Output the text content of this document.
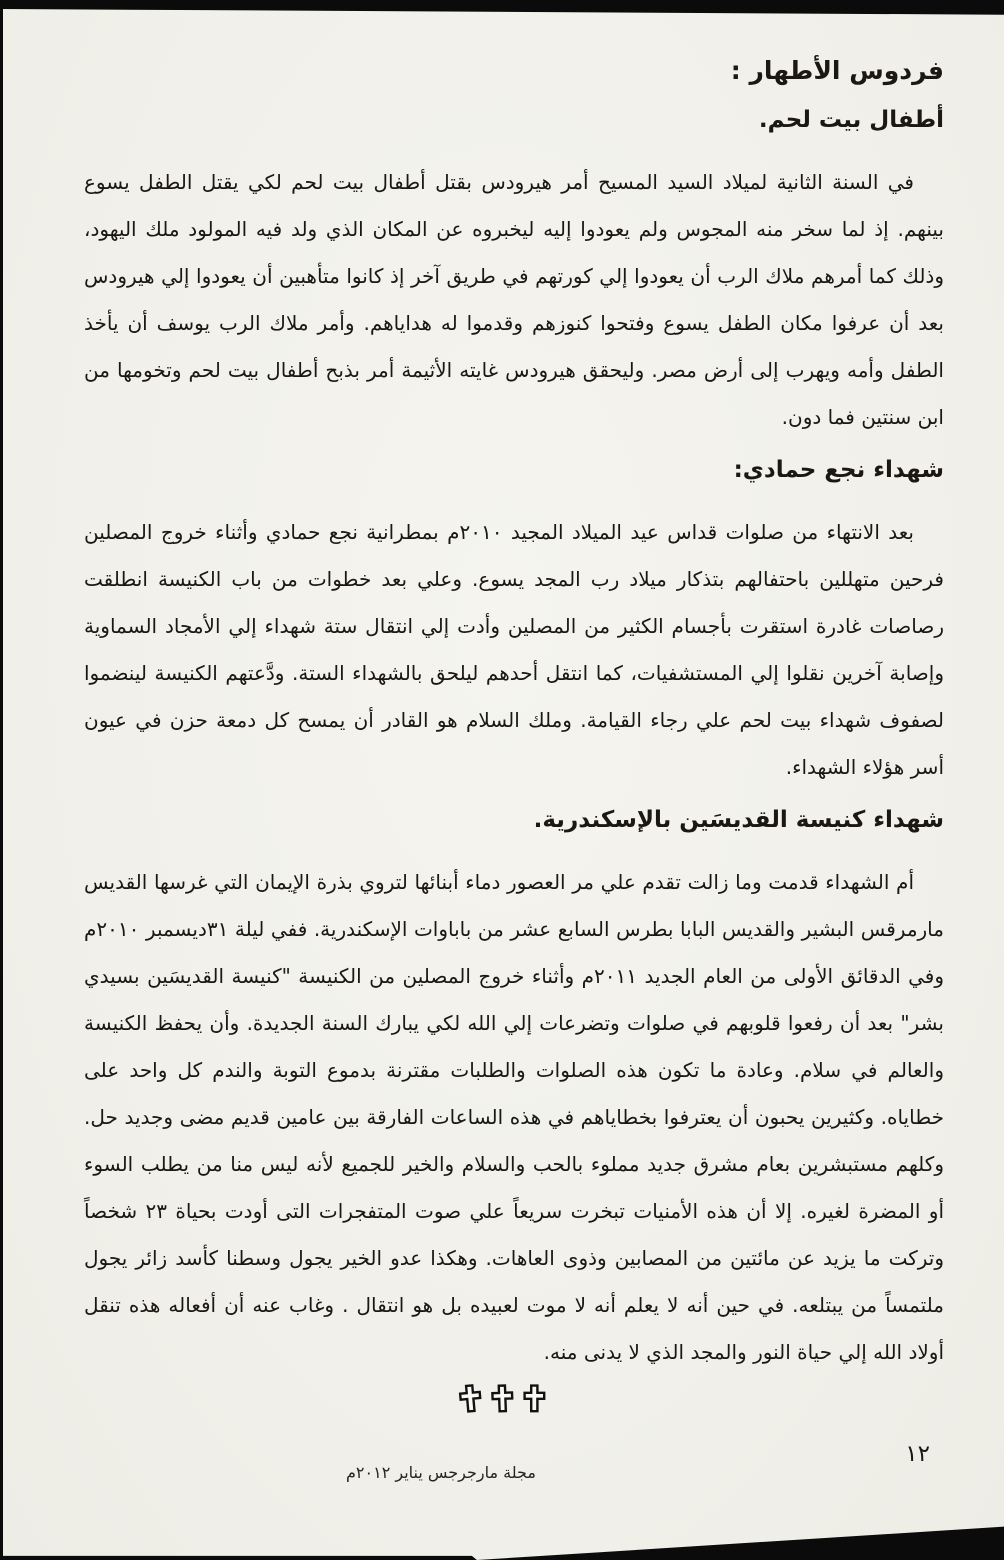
فردوس الأطهار :
أطفال بيت لحم.

في السنة الثانية لميلاد السيد المسيح أمر هيرودس بقتل أطفال بيت لحم لكي يقتل الطفل يسوع بينهم. إذ لما سخر منه المجوس ولم يعودوا إليه ليخبروه عن المكان الذي ولد فيه المولود ملك اليهود، وذلك كما أمرهم ملاك الرب أن يعودوا إلي كورتهم في طريق آخر إذ كانوا متأهبين أن يعودوا إلي هيرودس بعد أن عرفوا مكان الطفل يسوع وفتحوا كنوزهم وقدموا له هداياهم. وأمر ملاك الرب يوسف أن يأخذ الطفل وأمه ويهرب إلى أرض مصر. وليحقق هيرودس غايته الأثيمة أمر بذبح أطفال بيت لحم وتخومها من ابن سنتين فما دون.

شهداء نجع حمادي:

بعد الانتهاء من صلوات قداس عيد الميلاد المجيد ٢٠١٠م بمطرانية نجع حمادي وأثناء خروج المصلين فرحين متهللين باحتفالهم بتذكار ميلاد رب المجد يسوع. وعلي بعد خطوات من باب الكنيسة انطلقت رصاصات غادرة استقرت بأجسام الكثير من المصلين وأدت إلي انتقال ستة شهداء إلي الأمجاد السماوية وإصابة آخرين نقلوا إلي المستشفيات، كما انتقل أحدهم ليلحق بالشهداء الستة. ودَّعتهم الكنيسة لينضموا لصفوف شهداء بيت لحم علي رجاء القيامة. وملك السلام هو القادر أن يمسح كل دمعة حزن في عيون أسر هؤلاء الشهداء.

شهداء كنيسة القديسَين بالإسكندرية.

أم الشهداء قدمت وما زالت تقدم علي مر العصور دماء أبنائها لتروي بذرة الإيمان التي غرسها القديس مارمرقس البشير والقديس البابا بطرس السابع عشر من باباوات الإسكندرية. ففي ليلة ٣١ديسمبر ٢٠١٠م وفي الدقائق الأولى من العام الجديد ٢٠١١م وأثناء خروج المصلين من الكنيسة "كنيسة القديسَين بسيدي بشر" بعد أن رفعوا قلوبهم في صلوات وتضرعات إلي الله لكي يبارك السنة الجديدة. وأن يحفظ الكنيسة والعالم في سلام. وعادة ما تكون هذه الصلوات والطلبات مقترنة بدموع التوبة والندم كل واحد على خطاياه. وكثيرين يحبون أن يعترفوا بخطاياهم في هذه الساعات الفارقة بين عامين قديم مضى وجديد حل. وكلهم مستبشرين بعام مشرق جديد مملوء بالحب والسلام والخير للجميع لأنه ليس منا من يطلب السوء أو المضرة لغيره. إلا أن هذه الأمنيات تبخرت سريعاً علي صوت المتفجرات التى أودت بحياة ٢٣ شخصاً وتركت ما يزيد عن مائتين من المصابين وذوى العاهات. وهكذا عدو الخير يجول وسطنا كأسد زائر يجول ملتمساً من يبتلعه. في حين أنه لا يعلم أنه لا موت لعبيده بل هو انتقال . وغاب عنه أن أفعاله هذه تنقل أولاد الله إلي حياة النور والمجد الذي لا يدنى منه.

مجلة مارجرجس يناير ٢٠١٢م
١٢
